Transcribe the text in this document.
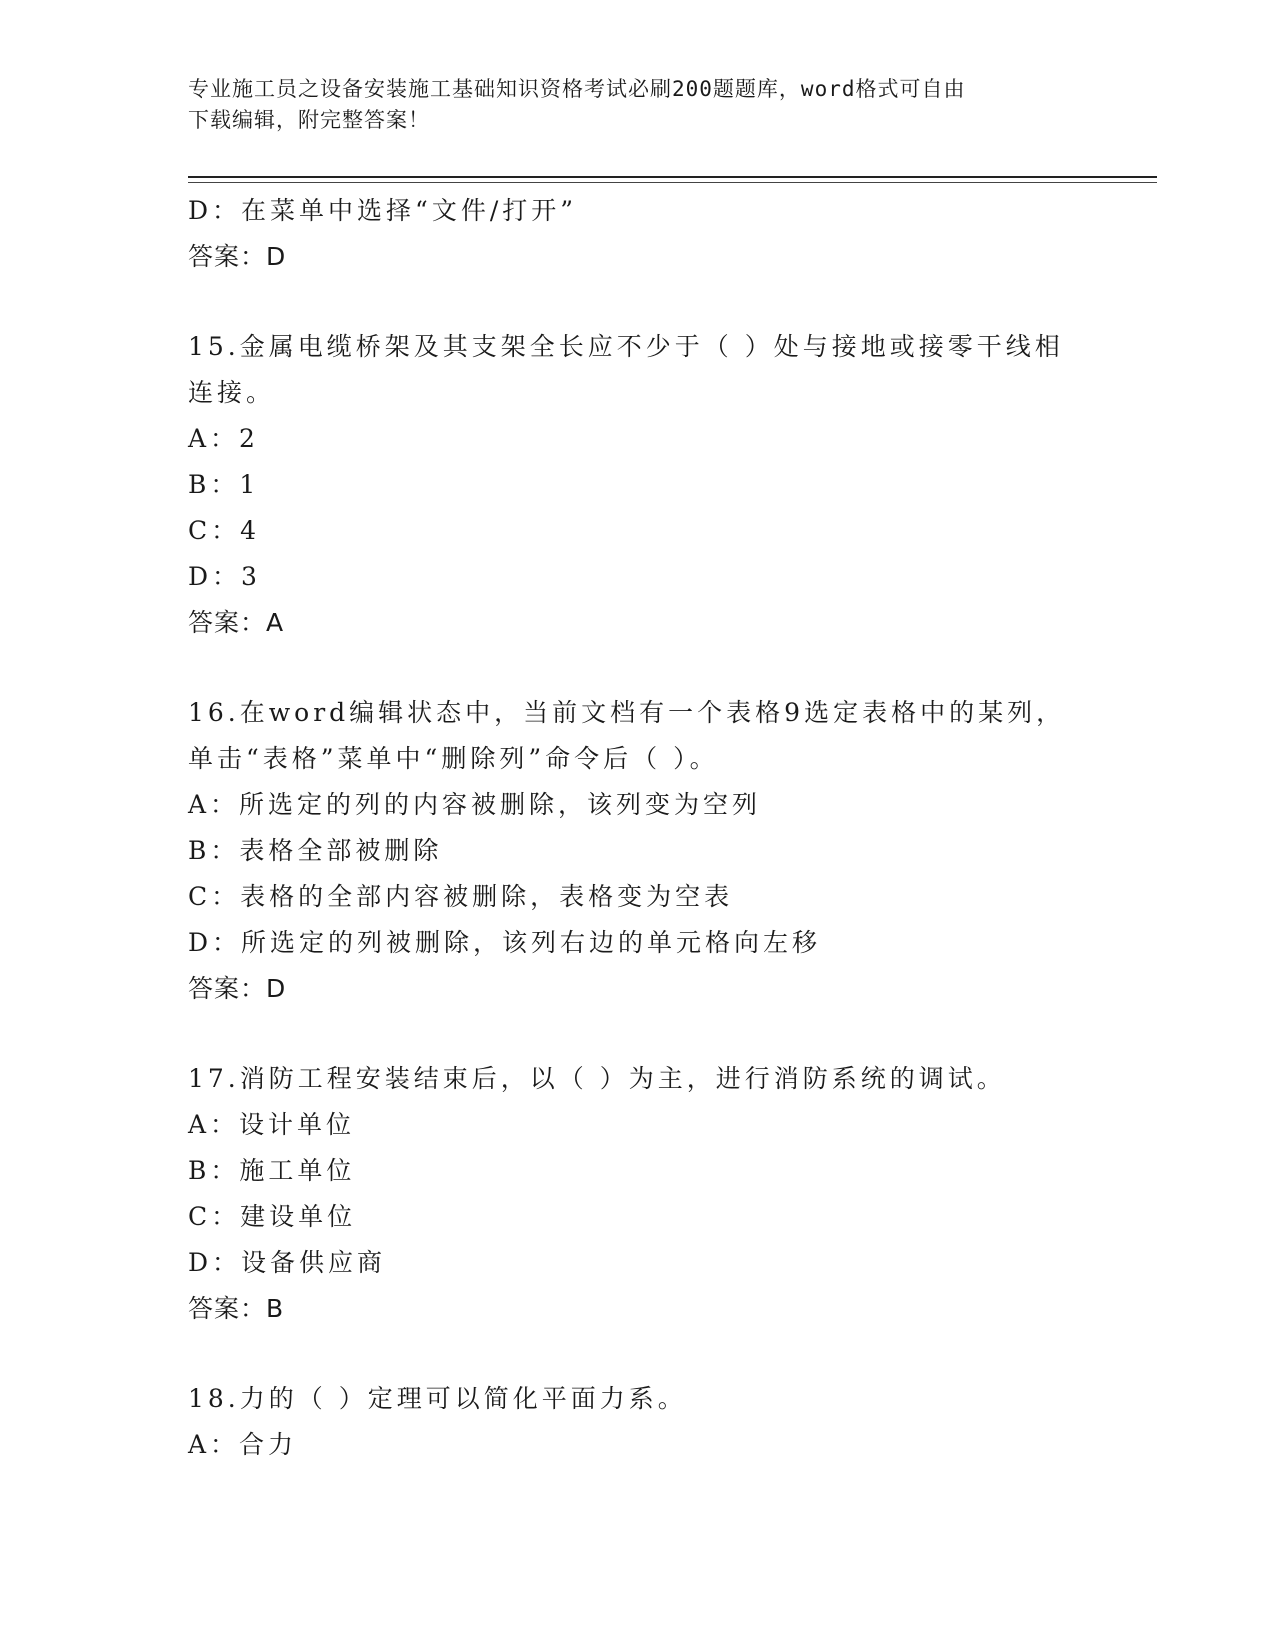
专业施工员之设备安装施工基础知识资格考试必刷200题题库，word格式可自由
下载编辑，附完整答案！
D：在菜单中选择“文件/打开”
答案：D
15.金属电缆桥架及其支架全长应不少于（ ）处与接地或接零干线相
连接。
A：2
B：1
C：4
D：3
答案：A
16.在word编辑状态中，当前文档有一个表格9选定表格中的某列，
单击“表格”菜单中“删除列”命令后（ ）。
A：所选定的列的内容被删除，该列变为空列
B：表格全部被删除
C：表格的全部内容被删除，表格变为空表
D：所选定的列被删除，该列右边的单元格向左移
答案：D
17.消防工程安装结束后，以（ ）为主，进行消防系统的调试。
A：设计单位
B：施工单位
C：建设单位
D：设备供应商
答案：B
18.力的（ ）定理可以简化平面力系。
A：合力
